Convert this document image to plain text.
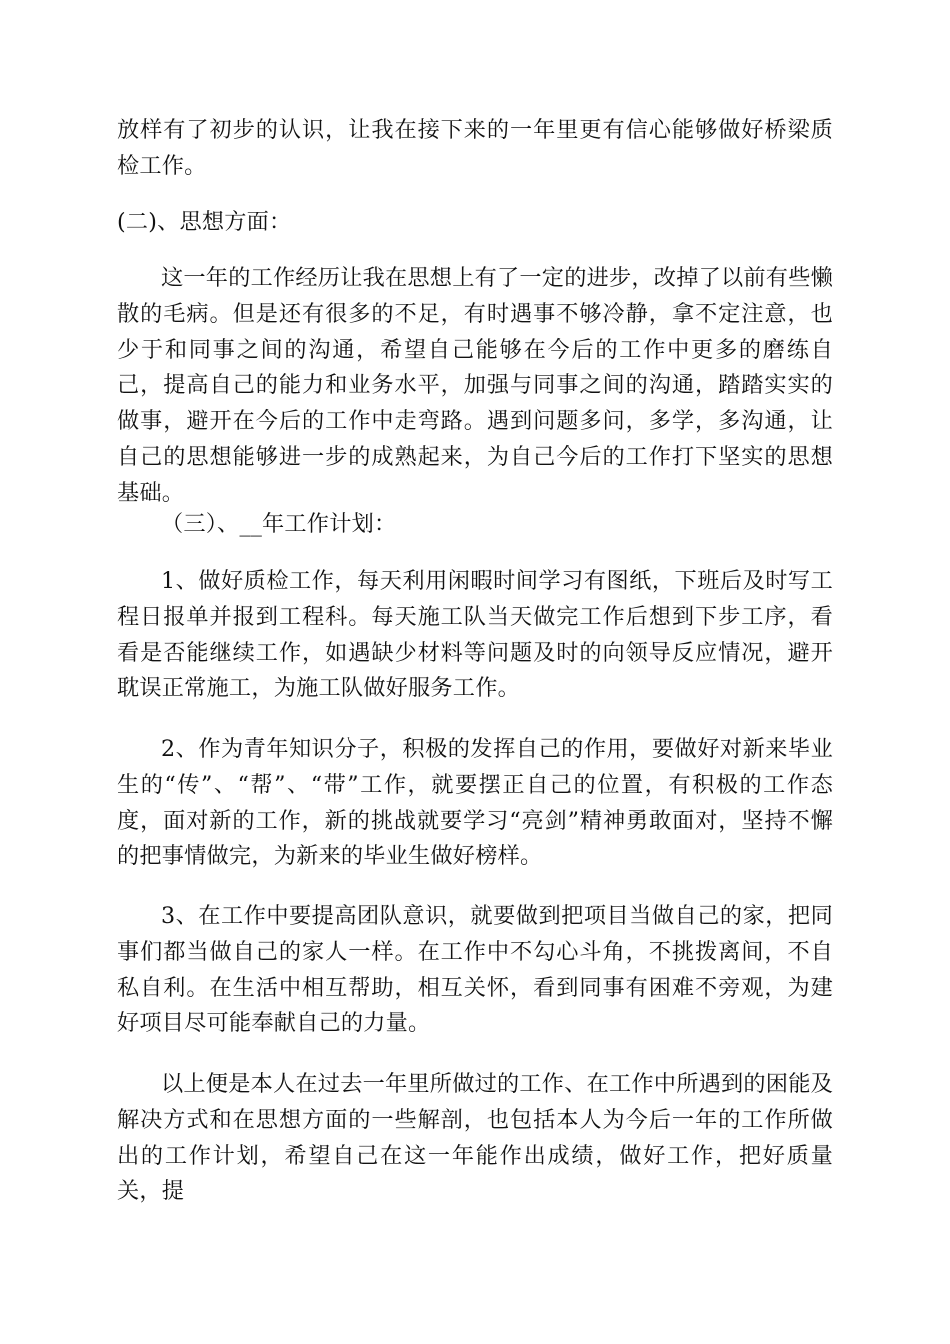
放样有了初步的认识，让我在接下来的一年里更有信心能够做好桥梁质检工作。

(二)、思想方面：

这一年的工作经历让我在思想上有了一定的进步，改掉了以前有些懒散的毛病。但是还有很多的不足，有时遇事不够冷静，拿不定注意，也少于和同事之间的沟通，希望自己能够在今后的工作中更多的磨练自己，提高自己的能力和业务水平，加强与同事之间的沟通，踏踏实实的做事，避开在今后的工作中走弯路。遇到问题多问，多学，多沟通，让自己的思想能够进一步的成熟起来，为自己今后的工作打下坚实的思想基础。

（三）、__年工作计划：

1、做好质检工作，每天利用闲暇时间学习有图纸，下班后及时写工程日报单并报到工程科。每天施工队当天做完工作后想到下步工序，看看是否能继续工作，如遇缺少材料等问题及时的向领导反应情况，避开耽误正常施工，为施工队做好服务工作。

2、作为青年知识分子，积极的发挥自己的作用，要做好对新来毕业生的“传”、“帮”、“带”工作，就要摆正自己的位置，有积极的工作态度，面对新的工作，新的挑战就要学习“亮剑”精神勇敢面对，坚持不懈的把事情做完，为新来的毕业生做好榜样。

3、在工作中要提高团队意识，就要做到把项目当做自己的家，把同事们都当做自己的家人一样。在工作中不勾心斗角，不挑拨离间，不自私自利。在生活中相互帮助，相互关怀，看到同事有困难不旁观，为建好项目尽可能奉献自己的力量。

以上便是本人在过去一年里所做过的工作、在工作中所遇到的困能及解决方式和在思想方面的一些解剖，也包括本人为今后一年的工作所做出的工作计划，希望自己在这一年能作出成绩，做好工作，把好质量关，提
